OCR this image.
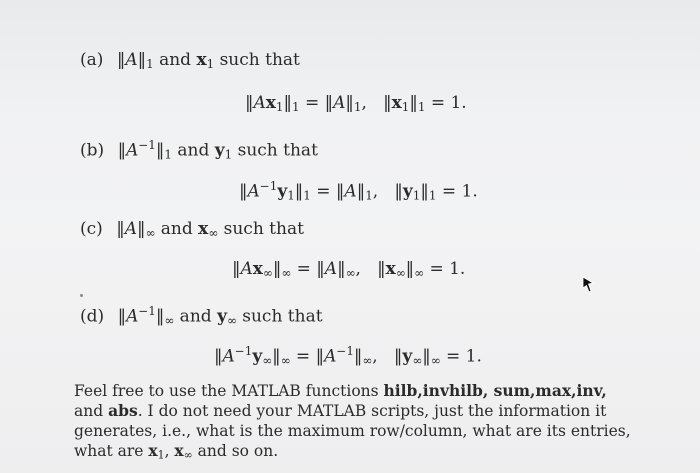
(a) $‖A‖_1$ and $x_1$ such that
$‖Ax_1‖_1$ = $‖A‖_1$,   $‖x_1‖_1 = 1$.
(b) $‖A^{-1}‖_1$ and $y_1$ such that
$‖A^{-1}y_1‖_1$ = $‖A‖_1$,   $‖y_1‖_1 = 1$.
(c) $‖A‖_\infty$ and $x_\infty$ such that
$‖Ax_\infty‖_\infty$ = $‖A‖_\infty$,   $‖x_\infty‖_\infty = 1$.
(d) $‖A^{-1}‖_\infty$ and $y_\infty$ such that
$‖A^{-1}y_\infty‖_\infty$ = $‖A^{-1}‖_\infty$,   $‖y_\infty‖_\infty = 1$.
Feel free to use the MATLAB functions hilb,invhilb, sum,max,inv,
and abs. I do not need your MATLAB scripts, just the information it
generates, i.e., what is the maximum row/column, what are its entries,
what are $x_1$, $x_\infty$ and so on.
